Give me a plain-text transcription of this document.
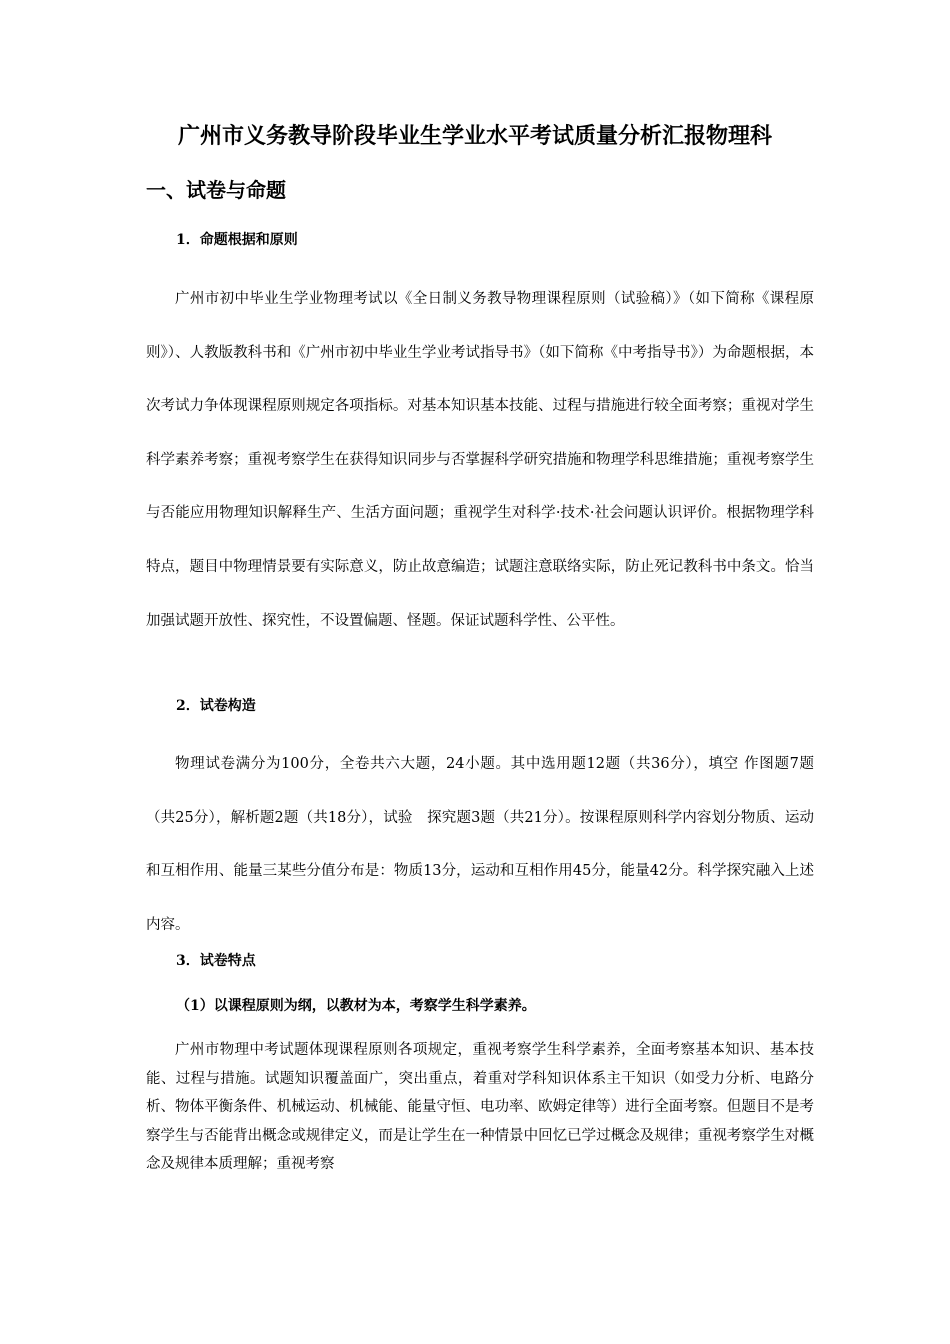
广州市义务教导阶段毕业生学业水平考试质量分析汇报物理科
一、试卷与命题
1．命题根据和原则

广州市初中毕业生学业物理考试以《全日制义务教导物理课程原则（试验稿）》（如下简称《课程原则》）、人教版教科书和《广州市初中毕业生学业考试指导书》（如下简称《中考指导书》）为命题根据，本次考试力争体现课程原则规定各项指标。对基本知识基本技能、过程与措施进行较全面考察；重视对学生科学素养考察；重视考察学生在获得知识同步与否掌握科学研究措施和物理学科思维措施；重视考察学生与否能应用物理知识解释生产、生活方面问题；重视学生对科学·技术·社会问题认识评价。根据物理学科特点，题目中物理情景要有实际意义，防止故意编造；试题注意联络实际，防止死记教科书中条文。恰当加强试题开放性、探究性，不设置偏题、怪题。保证试题科学性、公平性。

2．试卷构造

物理试卷满分为100分，全卷共六大题，24小题。其中选用题12题（共36分），填空 作图题7题（共25分），解析题2题（共18分），试验　探究题3题（共21分）。按课程原则科学内容划分物质、运动和互相作用、能量三某些分值分布是：物质13分，运动和互相作用45分，能量42分。科学探究融入上述内容。

3．试卷特点
（1）以课程原则为纲，以教材为本，考察学生科学素养。

广州市物理中考试题体现课程原则各项规定，重视考察学生科学素养，全面考察基本知识、基本技能、过程与措施。试题知识覆盖面广，突出重点，着重对学科知识体系主干知识（如受力分析、电路分析、物体平衡条件、机械运动、机械能、能量守恒、电功率、欧姆定律等）进行全面考察。但题目不是考察学生与否能背出概念或规律定义，而是让学生在一种情景中回忆已学过概念及规律；重视考察学生对概念及规律本质理解；重视考察
